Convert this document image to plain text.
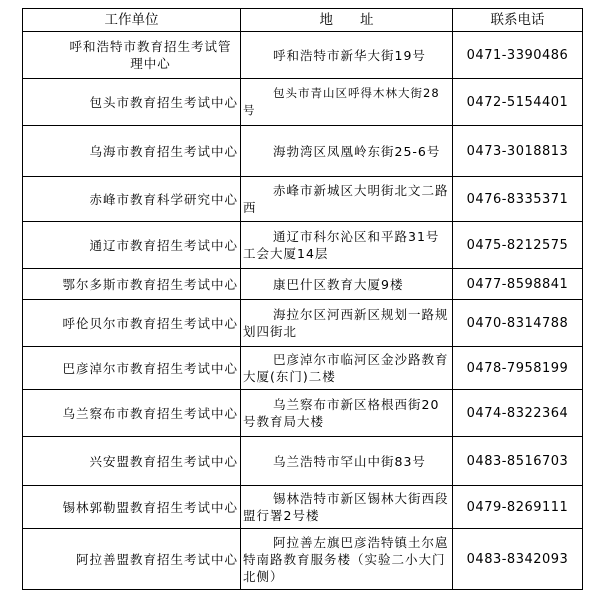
工作单位	地　　址	联系电话
呼和浩特市教育招生考试管理中心	呼和浩特市新华大街19号	0471-3390486
包头市教育招生考试中心	包头市青山区呼得木林大街28号	0472-5154401
乌海市教育招生考试中心	海勃湾区凤凰岭东街25-6号	0473-3018813
赤峰市教育科学研究中心	赤峰市新城区大明街北文二路西	0476-8335371
通辽市教育招生考试中心	通辽市科尔沁区和平路31号工会大厦14层	0475-8212575
鄂尔多斯市教育招生考试中心	康巴什区教育大厦9楼	0477-8598841
呼伦贝尔市教育招生考试中心	海拉尔区河西新区规划一路规划四街北	0470-8314788
巴彦淖尔市教育招生考试中心	巴彦淖尔市临河区金沙路教育大厦(东门)二楼	0478-7958199
乌兰察布市教育招生考试中心	乌兰察布市新区格根西街20号教育局大楼	0474-8322364
兴安盟教育招生考试中心	乌兰浩特市罕山中街83号	0483-8516703
锡林郭勒盟教育招生考试中心	锡林浩特市新区锡林大街西段盟行署2号楼	0479-8269111
阿拉善盟教育招生考试中心	阿拉善左旗巴彦浩特镇土尔扈特南路教育服务楼（实验二小大门北侧）	0483-8342093
